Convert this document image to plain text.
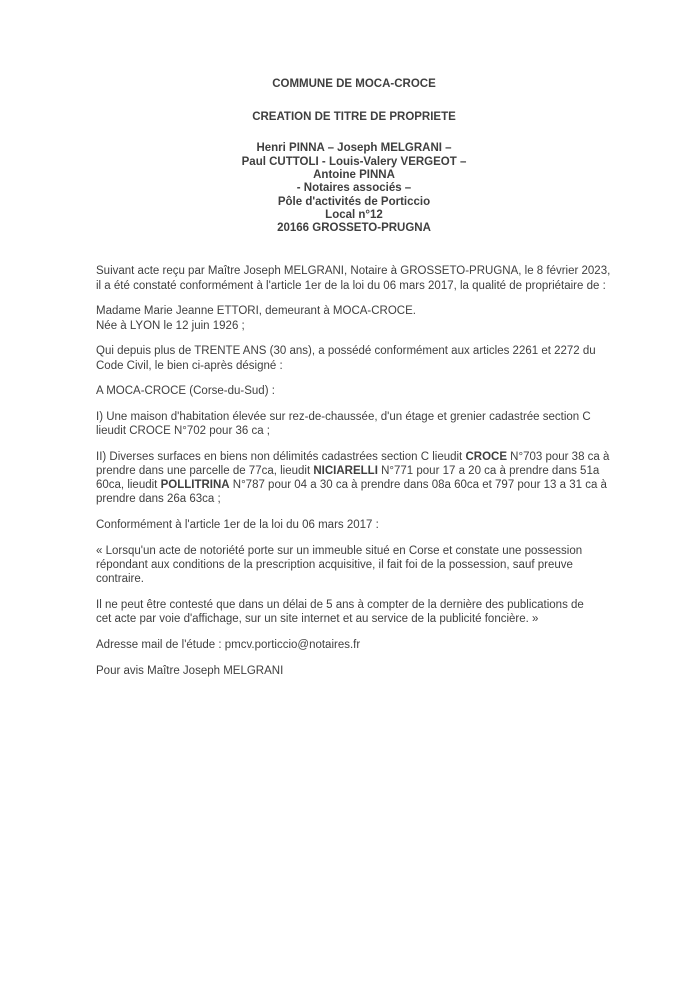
COMMUNE DE MOCA-CROCE
CREATION DE TITRE DE PROPRIETE
Henri PINNA – Joseph MELGRANI –
Paul CUTTOLI - Louis-Valery VERGEOT –
Antoine PINNA
- Notaires associés –
Pôle d'activités de Porticcio
Local n°12
20166 GROSSETO-PRUGNA
Suivant acte reçu par Maître Joseph MELGRANI, Notaire à GROSSETO-PRUGNA, le 8 février 2023,
il a été constaté conformément à l'article 1er de la loi du 06 mars 2017, la qualité de propriétaire de :
Madame Marie Jeanne ETTORI, demeurant à MOCA-CROCE.
Née à LYON le 12 juin 1926 ;
Qui depuis plus de TRENTE ANS (30 ans), a possédé conformément aux articles 2261 et 2272 du
Code Civil, le bien ci-après désigné :
A MOCA-CROCE (Corse-du-Sud) :
I) Une maison d'habitation élevée sur rez-de-chaussée, d'un étage et grenier cadastrée section C
lieudit CROCE N°702 pour 36 ca ;
II) Diverses surfaces en biens non délimités cadastrées section C lieudit CROCE N°703 pour 38 ca à
prendre dans une parcelle de 77ca, lieudit NICIARELLI N°771 pour 17 a 20 ca à prendre dans 51a
60ca, lieudit POLLITRINA N°787 pour 04 a 30 ca à prendre dans 08a 60ca et 797 pour 13 a 31 ca à
prendre dans 26a 63ca ;
Conformément à l'article 1er de la loi du 06 mars 2017 :
« Lorsqu'un acte de notoriété porte sur un immeuble situé en Corse et constate une possession
répondant aux conditions de la prescription acquisitive, il fait foi de la possession, sauf preuve
contraire.
Il ne peut être contesté que dans un délai de 5 ans à compter de la dernière des publications de
cet acte par voie d'affichage, sur un site internet et au service de la publicité foncière. »
Adresse mail de l'étude : pmcv.porticcio@notaires.fr
Pour avis Maître Joseph MELGRANI
